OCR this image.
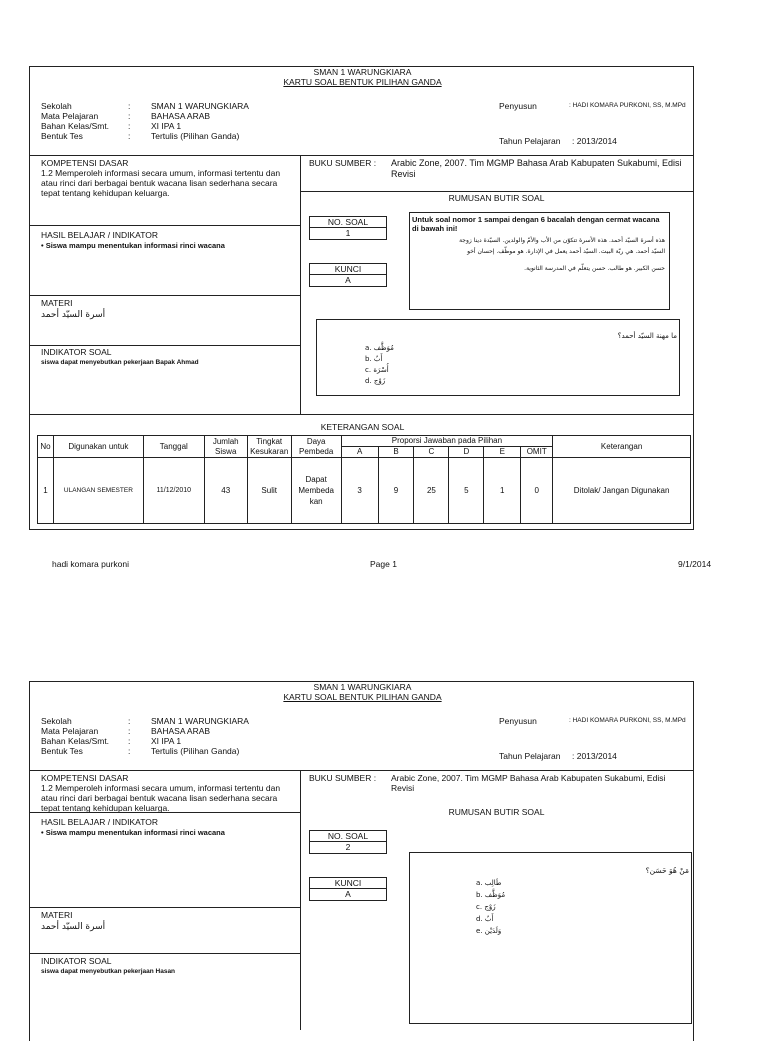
SMAN 1 WARUNGKIARA
KARTU SOAL BENTUK PILIHAN GANDA
Sekolah	: SMAN 1 WARUNGKIARA
Mata Pelajaran	: BAHASA ARAB
Bahan Kelas/Smt. : XI IPA 1
Bentuk Tes	: Tertulis (Pilihan Ganda)
Penyusun	: HADI KOMARA PURKONI, SS, M.MPd
Tahun Pelajaran : 2013/2014
KOMPETENSI DASAR
1.2 Memperoleh informasi secara umum, informasi tertentu dan atau rinci dari berbagai bentuk wacana lisan sederhana secara tepat tentang kehidupan keluarga.
HASIL BELAJAR / INDIKATOR
• Siswa mampu menentukan informasi rinci wacana
MATERI
أسرة السيّد أحمد
INDIKATOR SOAL
siswa dapat menyebutkan pekerjaan Bapak Ahmad
BUKU SUMBER : Arabic Zone, 2007. Tim MGMP Bahasa Arab Kabupaten Sukabumi, Edisi Revisi
RUMUSAN BUTIR SOAL
NO. SOAL
1
KUNCI
A
Untuk soal nomor 1 sampai dengan 6 bacalah dengan cermat wacana di bawah ini!
هذه أسرة السيّد أحمد. هذه الأسرة تتكوّن من الأب والأمّ والولدين. السيّدة دينا زوجة
السيّد أحمد. هي ربّة البيت. السيّد أحمد يعمل في الإدارة. هو موظّف. إحسان أخو
حسن الكبير. هو طالب. حسن يتعلّم في المدرسة الثانوية.
ما مهنة السيّد أحمد؟
a. مُوَظَّف
b. أَبٌ
c. أُسْرَة
d. زَوْج
KETERANGAN SOAL
No	Digunakan untuk	Tanggal	Jumlah Siswa	Tingkat Kesukaran	Daya Pembeda	Proporsi Jawaban pada Pilihan						Keterangan
						A	B	C	D	E	OMIT	
1	ULANGAN SEMESTER	11/12/2010	43	Sulit	Dapat Membeda kan	3	9	25	5	1	0	Ditolak/ Jangan Digunakan
hadi komara purkoni	Page 1	9/1/2014
SMAN 1 WARUNGKIARA
KARTU SOAL BENTUK PILIHAN GANDA
Sekolah	: SMAN 1 WARUNGKIARA
Mata Pelajaran	: BAHASA ARAB
Bahan Kelas/Smt. : XI IPA 1
Bentuk Tes	: Tertulis (Pilihan Ganda)
Penyusun	: HADI KOMARA PURKONI, SS, M.MPd
Tahun Pelajaran : 2013/2014
KOMPETENSI DASAR
1.2 Memperoleh informasi secara umum, informasi tertentu dan atau rinci dari berbagai bentuk wacana lisan sederhana secara tepat tentang kehidupan keluarga.
HASIL BELAJAR / INDIKATOR
• Siswa mampu menentukan informasi rinci wacana
MATERI
أسرة السيّد أحمد
INDIKATOR SOAL
siswa dapat menyebutkan pekerjaan Hasan
BUKU SUMBER : Arabic Zone, 2007. Tim MGMP Bahasa Arab Kabupaten Sukabumi, Edisi Revisi
RUMUSAN BUTIR SOAL
NO. SOAL
2
KUNCI
A
مَنْ هُوَ حَسَن؟
a. طَالِب
b. مُوَظَّف
c. زَوْج
d. أَبٌ
e. وَلَدَيْن
